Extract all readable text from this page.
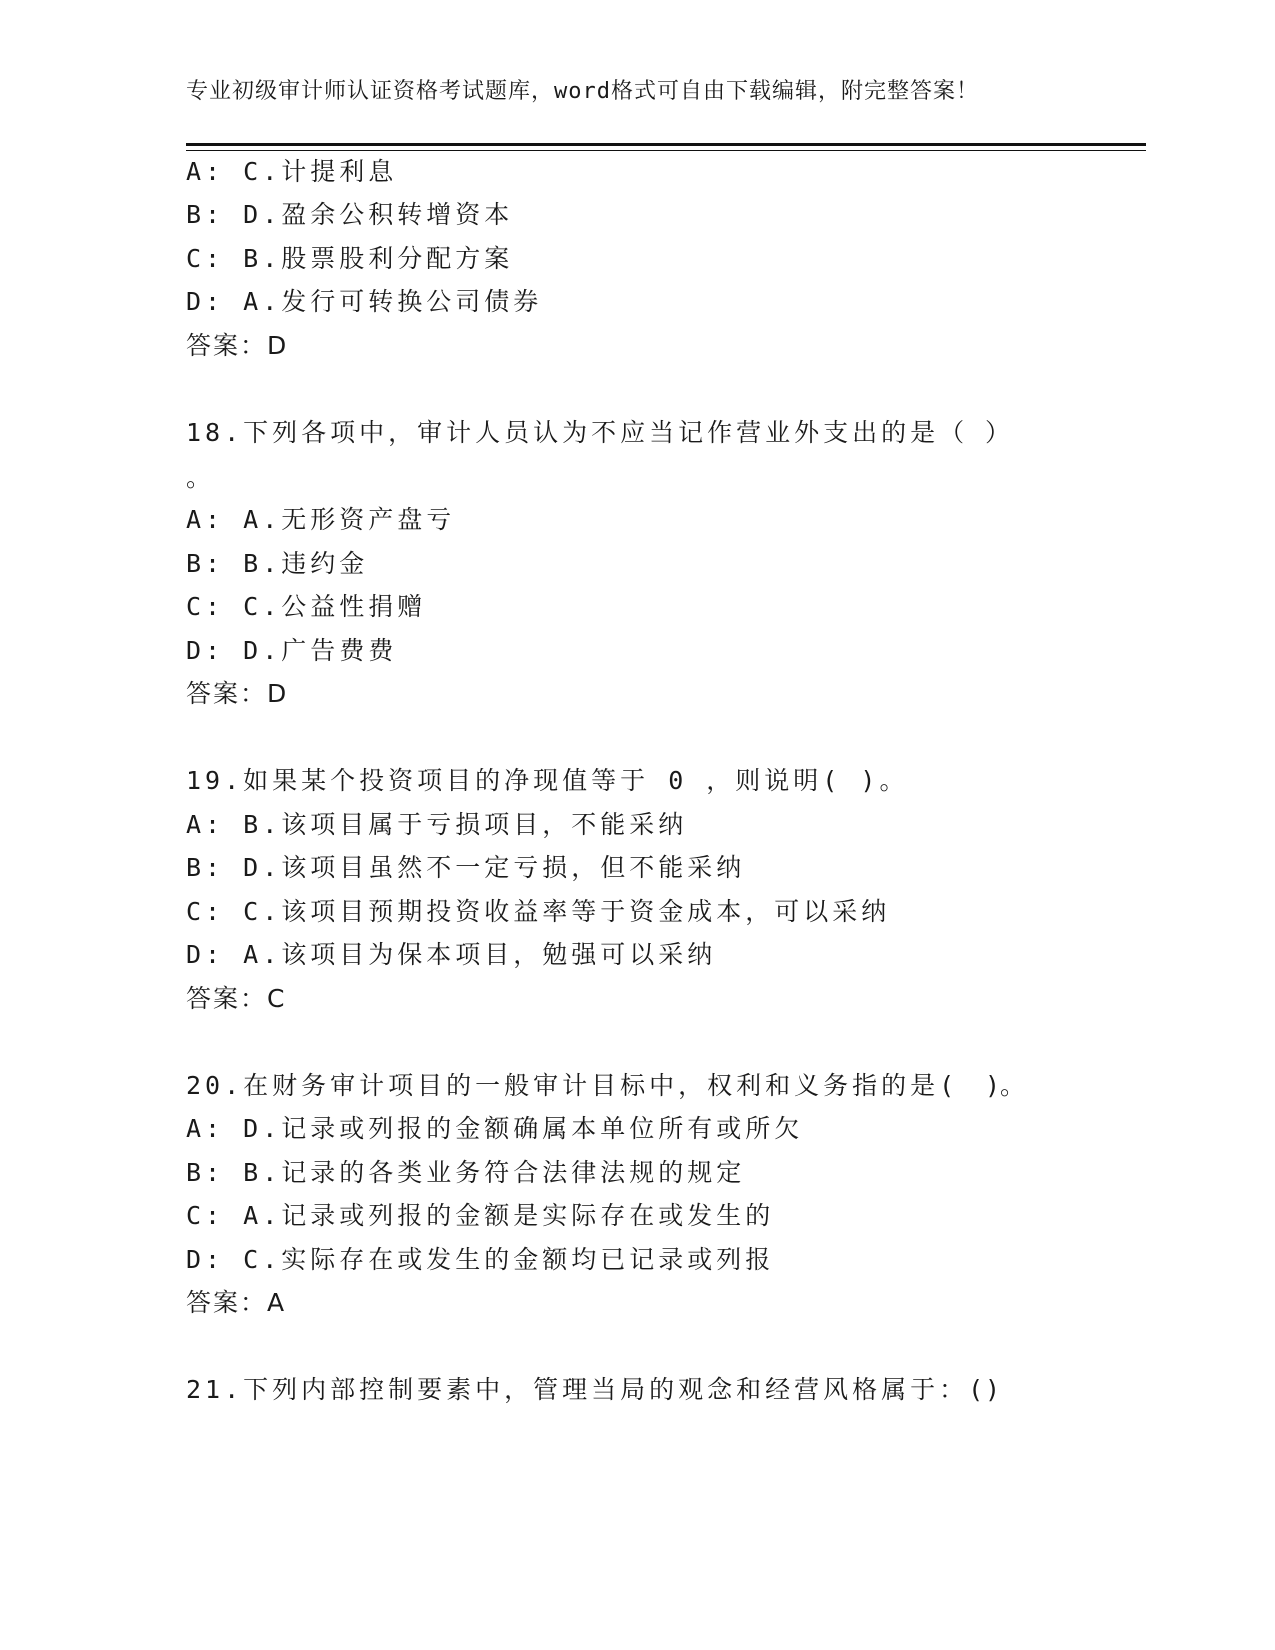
专业初级审计师认证资格考试题库，word格式可自由下载编辑，附完整答案！
A: C.计提利息
B: D.盈余公积转增资本
C: B.股票股利分配方案
D: A.发行可转换公司债券
答案：D
18.下列各项中，审计人员认为不应当记作营业外支出的是（ ）
。
A: A.无形资产盘亏
B: B.违约金
C: C.公益性捐赠
D: D.广告费费
答案：D
19.如果某个投资项目的净现值等于 0 ，则说明( )。
A: B.该项目属于亏损项目，不能采纳
B: D.该项目虽然不一定亏损，但不能采纳
C: C.该项目预期投资收益率等于资金成本，可以采纳
D: A.该项目为保本项目，勉强可以采纳
答案：C
20.在财务审计项目的一般审计目标中，权利和义务指的是( )。
A: D.记录或列报的金额确属本单位所有或所欠
B: B.记录的各类业务符合法律法规的规定
C: A.记录或列报的金额是实际存在或发生的
D: C.实际存在或发生的金额均已记录或列报
答案：A
21.下列内部控制要素中，管理当局的观念和经营风格属于：(
)
